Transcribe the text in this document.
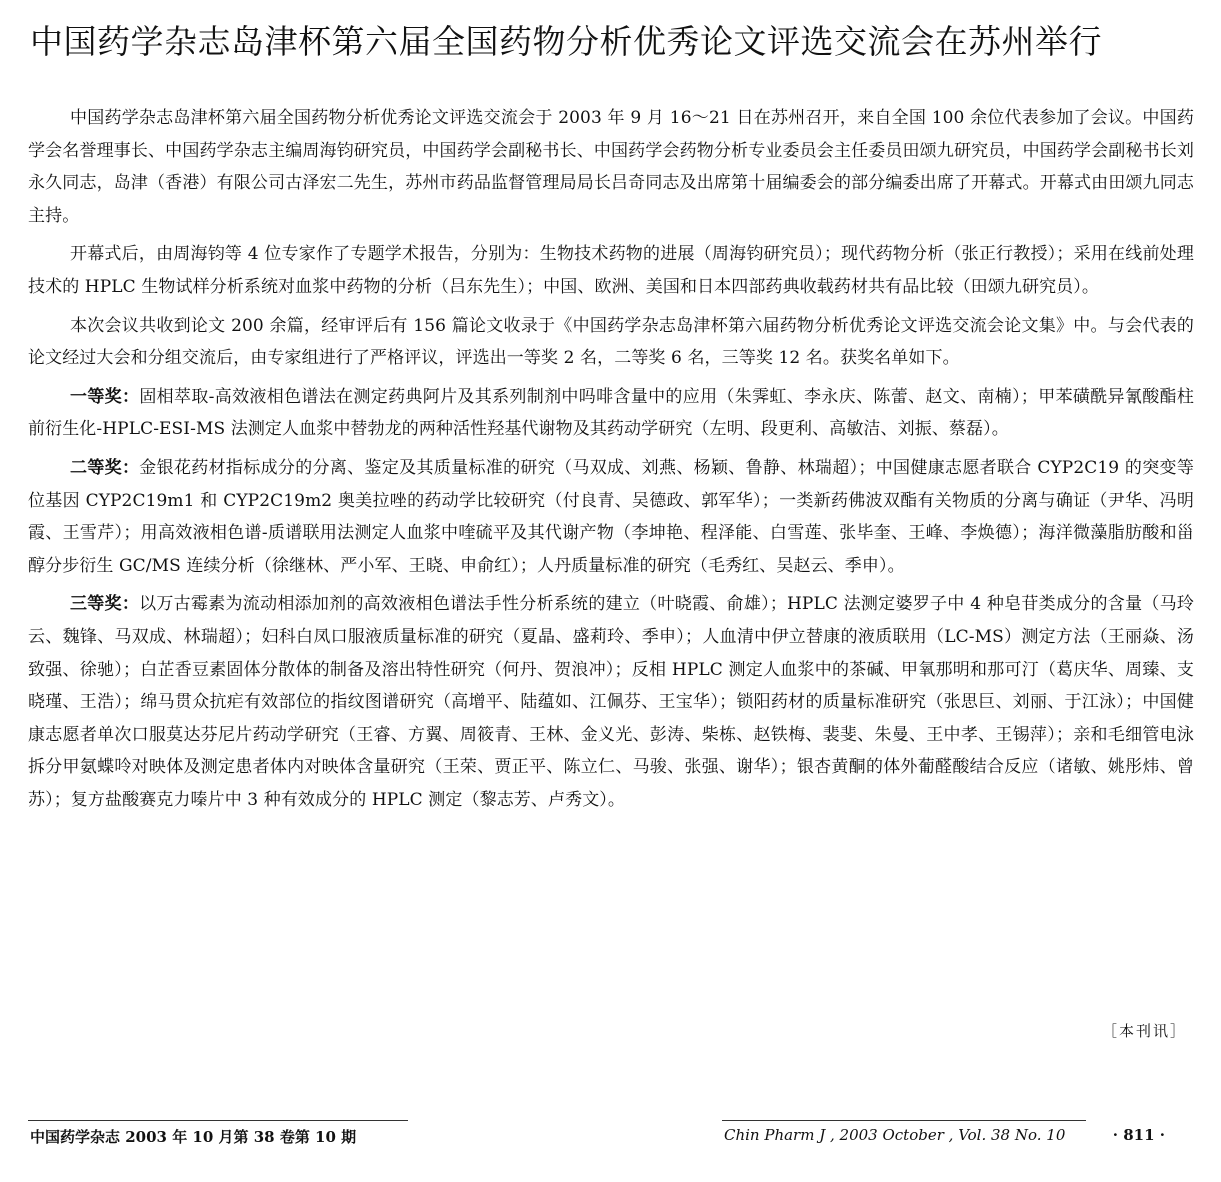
中国药学杂志岛津杯第六届全国药物分析优秀论文评选交流会在苏州举行

中国药学杂志岛津杯第六届全国药物分析优秀论文评选交流会于 2003 年 9 月 16～21 日在苏州召开，来自全国 100 余位代表参加了会议。中国药学会名誉理事长、中国药学杂志主编周海钧研究员，中国药学会副秘书长、中国药学会药物分析专业委员会主任委员田颂九研究员，中国药学会副秘书长刘永久同志，岛津（香港）有限公司古泽宏二先生，苏州市药品监督管理局局长吕奇同志及出席第十届编委会的部分编委出席了开幕式。开幕式由田颂九同志主持。

开幕式后，由周海钧等 4 位专家作了专题学术报告，分别为：生物技术药物的进展（周海钧研究员）；现代药物分析（张正行教授）；采用在线前处理技术的 HPLC 生物试样分析系统对血浆中药物的分析（吕东先生）；中国、欧洲、美国和日本四部药典收载药材共有品比较（田颂九研究员）。

本次会议共收到论文 200 余篇，经审评后有 156 篇论文收录于《中国药学杂志岛津杯第六届药物分析优秀论文评选交流会论文集》中。与会代表的论文经过大会和分组交流后，由专家组进行了严格评议，评选出一等奖 2 名，二等奖 6 名，三等奖 12 名。获奖名单如下。

一等奖：固相萃取-高效液相色谱法在测定药典阿片及其系列制剂中吗啡含量中的应用（朱霁虹、李永庆、陈蕾、赵文、南楠）；甲苯磺酰异氰酸酯柱前衍生化-HPLC-ESI-MS 法测定人血浆中替勃龙的两种活性羟基代谢物及其药动学研究（左明、段更利、高敏洁、刘振、蔡磊）。

二等奖：金银花药材指标成分的分离、鉴定及其质量标准的研究（马双成、刘燕、杨颖、鲁静、林瑞超）；中国健康志愿者联合 CYP2C19 的突变等位基因 CYP2C19m1 和 CYP2C19m2 奥美拉唑的药动学比较研究（付良青、吴德政、郭军华）；一类新药佛波双酯有关物质的分离与确证（尹华、冯明霞、王雪芹）；用高效液相色谱-质谱联用法测定人血浆中喹硫平及其代谢产物（李坤艳、程泽能、白雪莲、张毕奎、王峰、李焕德）；海洋微藻脂肪酸和甾醇分步衍生 GC/MS 连续分析（徐继林、严小军、王晓、申俞红）；人丹质量标准的研究（毛秀红、吴赵云、季申）。

三等奖：以万古霉素为流动相添加剂的高效液相色谱法手性分析系统的建立（叶晓霞、俞雄）；HPLC 法测定婆罗子中 4 种皂苷类成分的含量（马玲云、魏锋、马双成、林瑞超）；妇科白凤口服液质量标准的研究（夏晶、盛莉玲、季申）；人血清中伊立替康的液质联用（LC-MS）测定方法（王丽焱、汤致强、徐驰）；白芷香豆素固体分散体的制备及溶出特性研究（何丹、贺浪冲）；反相 HPLC 测定人血浆中的茶碱、甲氧那明和那可汀（葛庆华、周臻、支晓瑾、王浩）；绵马贯众抗疟有效部位的指纹图谱研究（高增平、陆蕴如、江佩芬、王宝华）；锁阳药材的质量标准研究（张思巨、刘丽、于江泳）；中国健康志愿者单次口服莫达芬尼片药动学研究（王睿、方翼、周筱青、王林、金义光、彭涛、柴栋、赵铁梅、裴斐、朱曼、王中孝、王锡萍）；亲和毛细管电泳拆分甲氨蝶呤对映体及测定患者体内对映体含量研究（王荣、贾正平、陈立仁、马骏、张强、谢华）；银杏黄酮的体外葡醛酸结合反应（诸敏、姚彤炜、曾苏）；复方盐酸赛克力嗪片中 3 种有效成分的 HPLC 测定（黎志芳、卢秀文）。

［本刊讯］
中国药学杂志 2003 年 10 月第 38 卷第 10 期	Chin Pharm J , 2003 October , Vol. 38 No. 10	· 811 ·
